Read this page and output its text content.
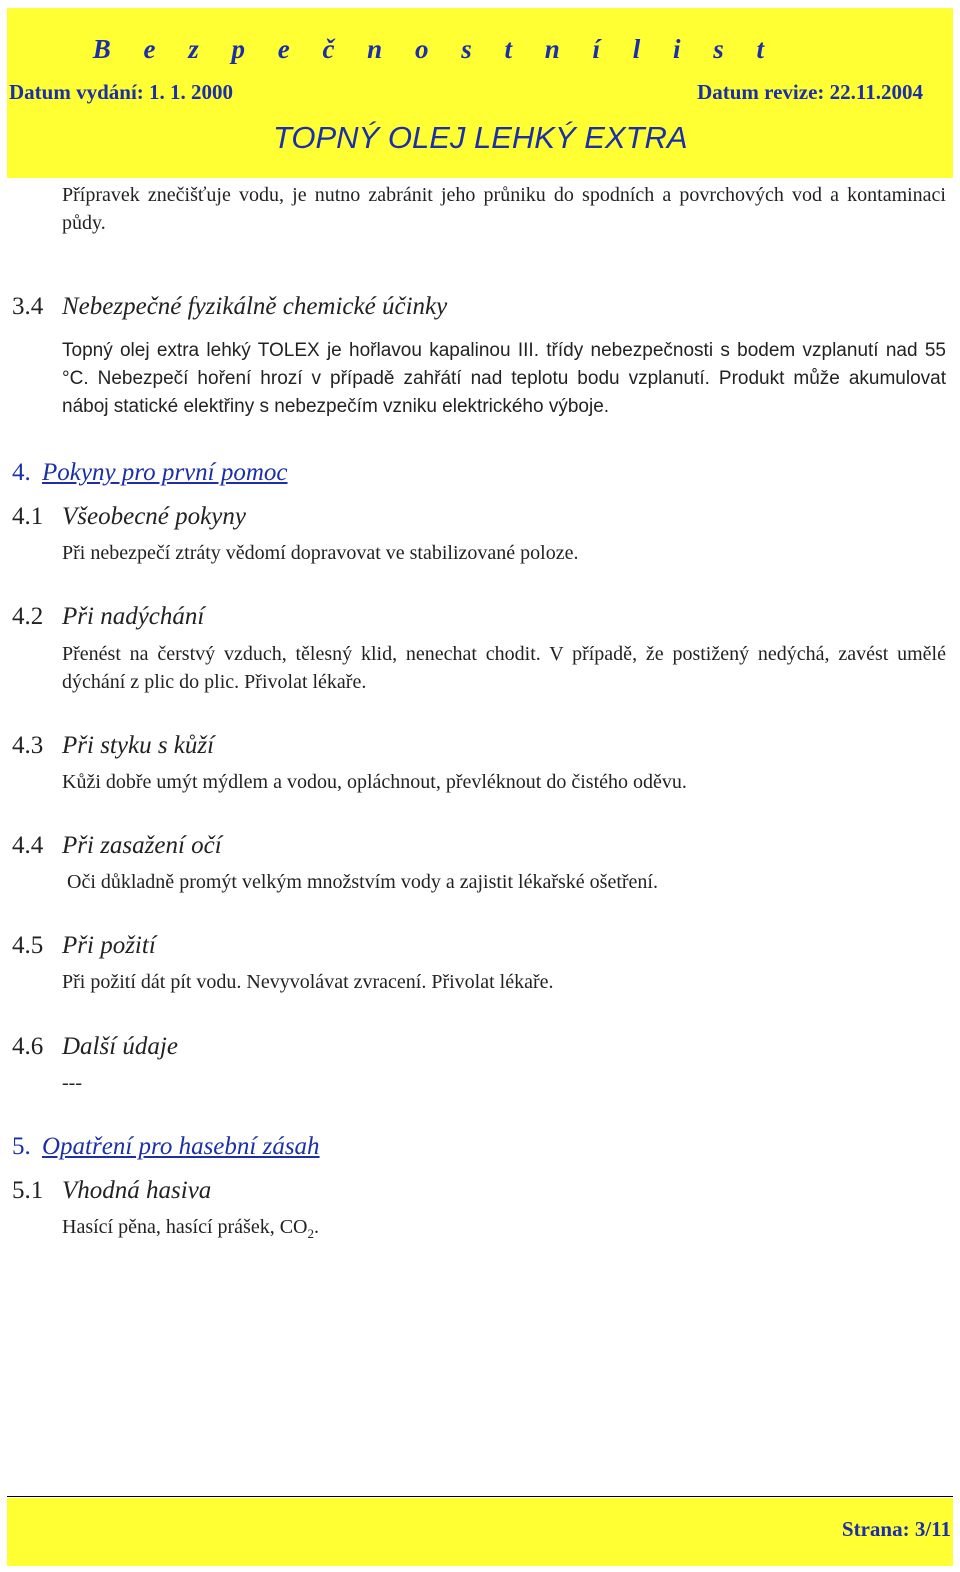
B e z p e č n o s t n í l i s t
Datum vydání: 1. 1. 2000	Datum revize: 22.11.2004
TOPNÝ OLEJ LEHKÝ EXTRA
Přípravek znečišťuje vodu, je nutno zabránit jeho průniku do spodních a povrchových vod a kontaminaci půdy.
3.4 Nebezpečné fyzikálně chemické účinky
Topný olej extra lehký TOLEX je hořlavou kapalinou III. třídy nebezpečnosti s bodem vzplanutí nad 55 °C. Nebezpečí hoření hrozí v případě zahřátí nad teplotu bodu vzplanutí. Produkt může akumulovat náboj statické elektřiny s nebezpečím vzniku elektrického výboje.
4. Pokyny pro první pomoc
4.1 Všeobecné pokyny
Při nebezpečí ztráty vědomí dopravovat ve stabilizované poloze.
4.2 Při nadýchání
Přenést na čerstvý vzduch, tělesný klid, nenechat chodit. V případě, že postižený nedýchá, zavést umělé dýchání z plic do plic. Přivolat lékaře.
4.3 Při styku s kůží
Kůži dobře umýt mýdlem a vodou, opláchnout, převléknout do čistého oděvu.
4.4 Při zasažení očí
Oči důkladně promýt velkým množstvím vody a zajistit lékařské ošetření.
4.5 Při požití
Při požití dát pít vodu. Nevyvolávat zvracení. Přivolat lékaře.
4.6 Další údaje
---
5. Opatření pro hasební zásah
5.1 Vhodná hasiva
Hasící pěna, hasící prášek, $CO_2$.
Strana: 3/11
